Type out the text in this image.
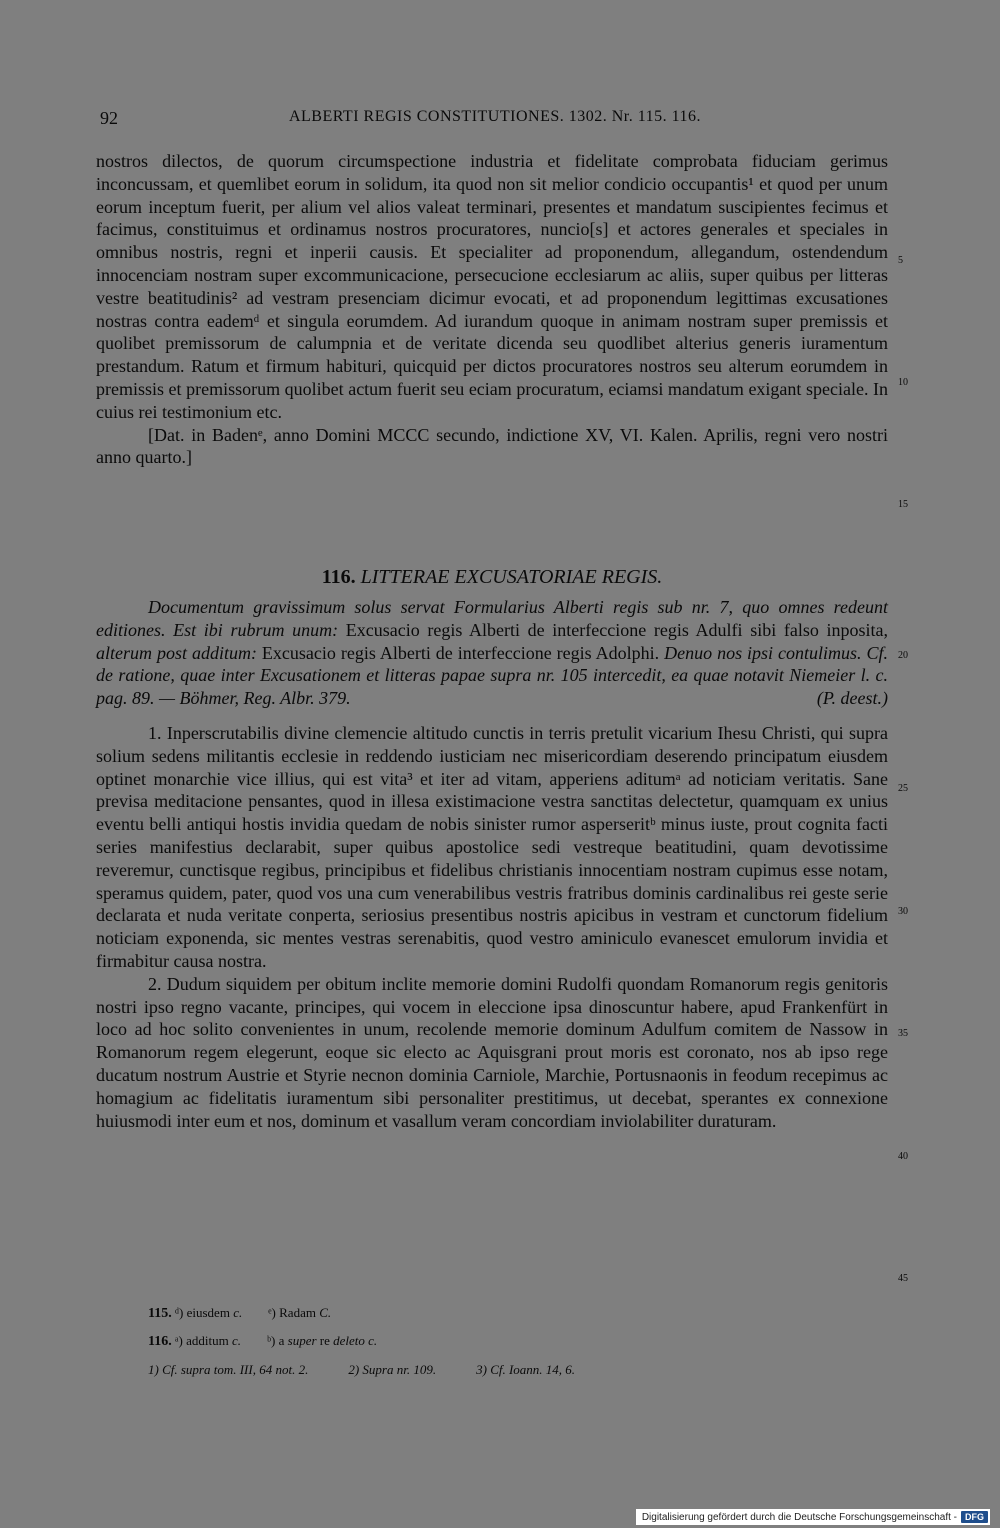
92	ALBERTI REGIS CONSTITUTIONES. 1302. Nr. 115. 116.

nostros dilectos, de quorum circumspectione industria et fidelitate comprobata fiduciam gerimus inconcussam, et quemlibet eorum in solidum, ita quod non sit melior condicio occupantis¹ et quod per unum eorum inceptum fuerit, per alium vel alios valeat terminari, presentes et mandatum suscipientes fecimus et facimus, constituimus et ordinamus nostros procuratores, nuncio[s] et actores generales et speciales in omnibus nostris, regni et inperii causis. Et specialiter ad proponendum, allegandum, ostendendum innocenciam nostram super excommunicacione, persecucione ecclesiarum ac aliis, super quibus per litteras vestre beatitudinis² ad vestram presenciam dicimur evocati, et ad proponendum legittimas excusationes nostras contra eademᵈ et singula eorumdem. Ad iurandum quoque in animam nostram super premissis et quolibet premissorum de calumpnia et de veritate dicenda seu quodlibet alterius generis iuramentum prestandum. Ratum et firmum habituri, quicquid per dictos procuratores nostros seu alterum eorumdem in premissis et premissorum quolibet actum fuerit seu eciam procuratum, eciamsi mandatum exigant speciale. In cuius rei testimonium etc.

[Dat. in Badenᵉ, anno Domini MCCC secundo, indictione XV, VI. Kalen. Aprilis, regni vero nostri anno quarto.]

116. LITTERAE EXCUSATORIAE REGIS.

Documentum gravissimum solus servat Formularius Alberti regis sub nr. 7, quo omnes redeunt editiones. Est ibi rubrum unum: Excusacio regis Alberti de interfeccione regis Adulfi sibi falso inposita, alterum post additum: Excusacio regis Alberti de interfeccione regis Adolphi. Denuo nos ipsi contulimus. Cf. de ratione, quae inter Excusationem et litteras papae supra nr. 105 intercedit, ea quae notavit Niemeier l. c. pag. 89. — Böhmer, Reg. Albr. 379.	(P. deest.)

1. Inperscrutabilis divine clemencie altitudo cunctis in terris pretulit vicarium Ihesu Christi, qui supra solium sedens militantis ecclesie in reddendo iusticiam nec misericordiam deserendo principatum eiusdem optinet monarchie vice illius, qui est vita³ et iter ad vitam, apperiens aditumᵃ ad noticiam veritatis. Sane previsa meditacione pensantes, quod in illesa existimacione vestra sanctitas delectetur, quamquam ex unius eventu belli antiqui hostis invidia quedam de nobis sinister rumor asperseritᵇ minus iuste, prout cognita facti series manifestius declarabit, super quibus apostolice sedi vestreque beatitudini, quam devotissime reveremur, cunctisque regibus, principibus et fidelibus christianis innocentiam nostram cupimus esse notam, speramus quidem, pater, quod vos una cum venerabilibus vestris fratribus dominis cardinalibus rei geste serie declarata et nuda veritate conperta, seriosius presentibus nostris apicibus in vestram et cunctorum fidelium noticiam exponenda, sic mentes vestras serenabitis, quod vestro aminiculo evanescet emulorum invidia et firmabitur causa nostra.

2. Dudum siquidem per obitum inclite memorie domini Rudolfi quondam Romanorum regis genitoris nostri ipso regno vacante, principes, qui vocem in eleccione ipsa dinoscuntur habere, apud Frankenfürt in loco ad hoc solito convenientes in unum, recolende memorie dominum Adulfum comitem de Nassow in Romanorum regem elegerunt, eoque sic electo ac Aquisgrani prout moris est coronato, nos ab ipso rege ducatum nostrum Austrie et Styrie necnon dominia Carniole, Marchie, Portusnaonis in feodum recepimus ac homagium ac fidelitatis iuramentum sibi personaliter prestitimus, ut decebat, sperantes ex connexione huiusmodi inter eum et nos, dominum et vasallum veram concordiam inviolabiliter duraturam.

5
10
15
20
25
30
35
40
45
115. ᵈ) eiusdem c. ᵉ) Radam C.
116. ᵃ) additum c. ᵇ) a super re deleto c.
1) Cf. supra tom. III, 64 not. 2.	2) Supra nr. 109.	3) Cf. Ioann. 14, 6.
Digitalisierung gefördert durch die Deutsche Forschungsgemeinschaft - DFG
